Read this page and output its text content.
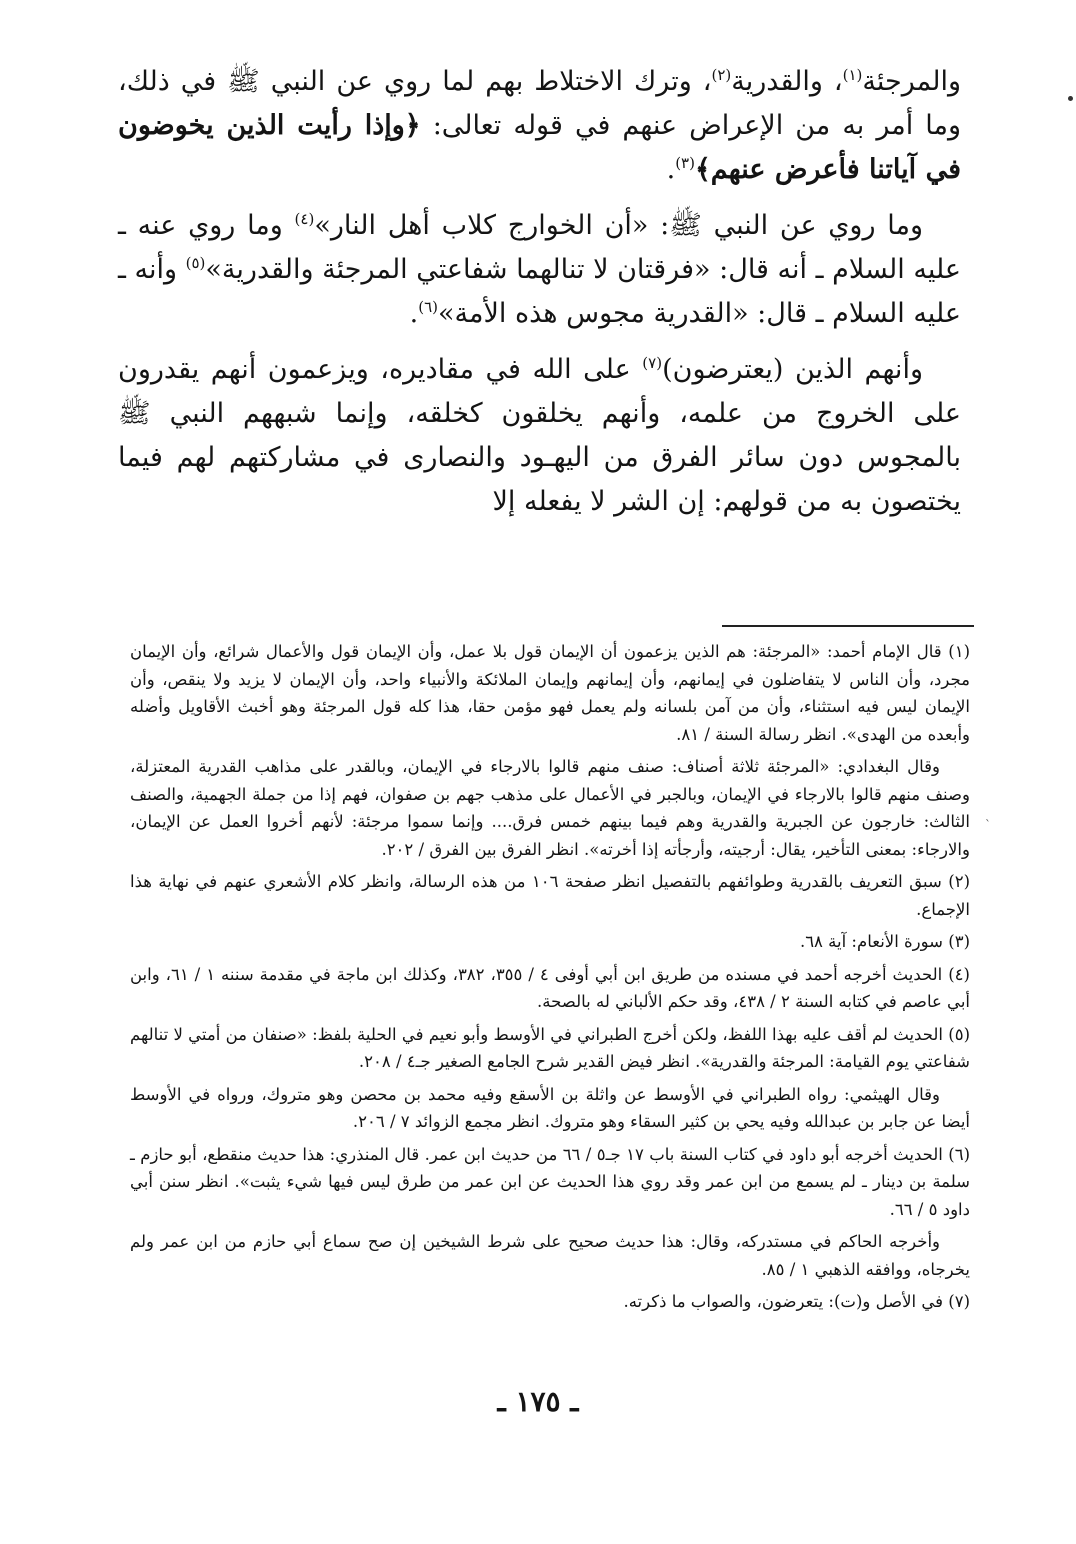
والمرجئة$^{(١)}$، والقدرية$^{(٢)}$، وترك الاختلاط بهم لما روي عن النبي ﷺ في ذلك، وما أمر به من الإعراض عنهم في قوله تعالى: ﴿وإذا رأيت الذين يخوضون في آياتنا فأعرض عنهم﴾$^{(٣)}$.

وما روي عن النبي ﷺ: «أن الخوارج كلاب أهل النار»$^{(٤)}$ وما روي عنه ـ عليه السلام ـ أنه قال: «فرقتان لا تنالهما شفاعتي المرجئة والقدرية»$^{(٥)}$ وأنه ـ عليه السلام ـ قال: «القدرية مجوس هذه الأمة»$^{(٦)}$.

وأنهم الذين (يعترضون)$^{(٧)}$ على الله في مقاديره، ويزعمون أنهم يقدرون على الخروج من علمه، وأنهم يخلقون كخلقه، وإنما شبههم النبي ﷺ بالمجوس دون سائر الفرق من اليهـود والنصارى في مشاركتهم لهم فيما يختصون به من قولهم: إن الشر لا يفعله إلا

`

(١) قال الإمام أحمد: «المرجئة: هم الذين يزعمون أن الإيمان قول بلا عمل، وأن الإيمان قول والأعمال شرائع، وأن الإيمان مجرد، وأن الناس لا يتفاضلون في إيمانهم، وأن إيمانهم وإيمان الملائكة والأنبياء واحد، وأن الإيمان لا يزيد ولا ينقص، وأن الإيمان ليس فيه استثناء، وأن من آمن بلسانه ولم يعمل فهو مؤمن حقا، هذا كله قول المرجئة وهو أخبث الأقاويل وأضله وأبعده من الهدى». انظر رسالة السنة / ٨١.

وقال البغدادي: «المرجئة ثلاثة أصناف: صنف منهم قالوا بالارجاء في الإيمان، وبالقدر على مذاهب القدرية المعتزلة، وصنف منهم قالوا بالارجاء في الإيمان، وبالجبر في الأعمال على مذهب جهم بن صفوان، فهم إذا من جملة الجهمية، والصنف الثالث: خارجون عن الجبرية والقدرية وهم فيما بينهم خمس فرق.... وإنما سموا مرجئة: لأنهم أخروا العمل عن الإيمان، والارجاء: بمعنى التأخير، يقال: أرجيته، وأرجأته إذا أخرته». انظر الفرق بين الفرق / ٢٠٢.

(٢) سبق التعريف بالقدرية وطوائفهم بالتفصيل انظر صفحة ١٠٦ من هذه الرسالة، وانظر كلام الأشعري عنهم في نهاية هذا الإجماع.

(٣) سورة الأنعام: آية ٦٨.

(٤) الحديث أخرجه أحمد في مسنده من طريق ابن أبي أوفى ٤ / ٣٥٥، ٣٨٢، وكذلك ابن ماجة في مقدمة سننه ١ / ٦١، وابن أبي عاصم في كتابه السنة ٢ / ٤٣٨، وقد حكم الألباني له بالصحة.

(٥) الحديث لم أقف عليه بهذا اللفظ، ولكن أخرج الطبراني في الأوسط وأبو نعيم في الحلية بلفظ: «صنفان من أمتي لا تنالهم شفاعتي يوم القيامة: المرجئة والقدرية». انظر فيض القدير شرح الجامع الصغير جـ٤ / ٢٠٨.

وقال الهيثمي: رواه الطبراني في الأوسط عن واثلة بن الأسقع وفيه محمد بن محصن وهو متروك، ورواه في الأوسط أيضا عن جابر بن عبدالله وفيه يحي بن كثير السقاء وهو متروك. انظر مجمع الزوائد ٧ / ٢٠٦.

(٦) الحديث أخرجه أبو داود في كتاب السنة باب ١٧ جـ٥ / ٦٦ من حديث ابن عمر. قال المنذري: هذا حديث منقطع، أبو حازم ـ سلمة بن دينار ـ لم يسمع من ابن عمر وقد روي هذا الحديث عن ابن عمر من طرق ليس فيها شيء يثبت». انظر سنن أبي داود ٥ / ٦٦.

وأخرجه الحاكم في مستدركه، وقال: هذا حديث صحيح على شرط الشيخين إن صح سماع أبي حازم من ابن عمر ولم يخرجاه، ووافقه الذهبي ١ / ٨٥.

(٧) في الأصل و(ت): يتعرضون، والصواب ما ذكرته.

ـ ١٧٥ ـ
